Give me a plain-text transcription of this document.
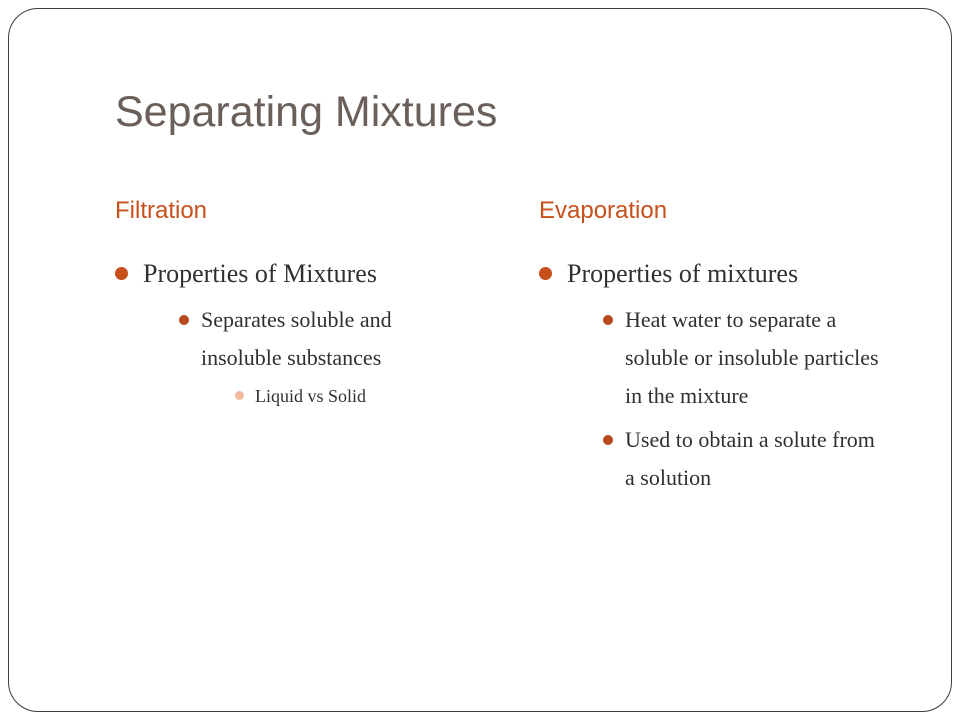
Separating Mixtures
Filtration
Properties of Mixtures
Separates soluble and insoluble substances
Liquid vs Solid
Evaporation
Properties of mixtures
Heat water to separate a soluble or insoluble particles in the mixture
Used to obtain a solute from a solution
